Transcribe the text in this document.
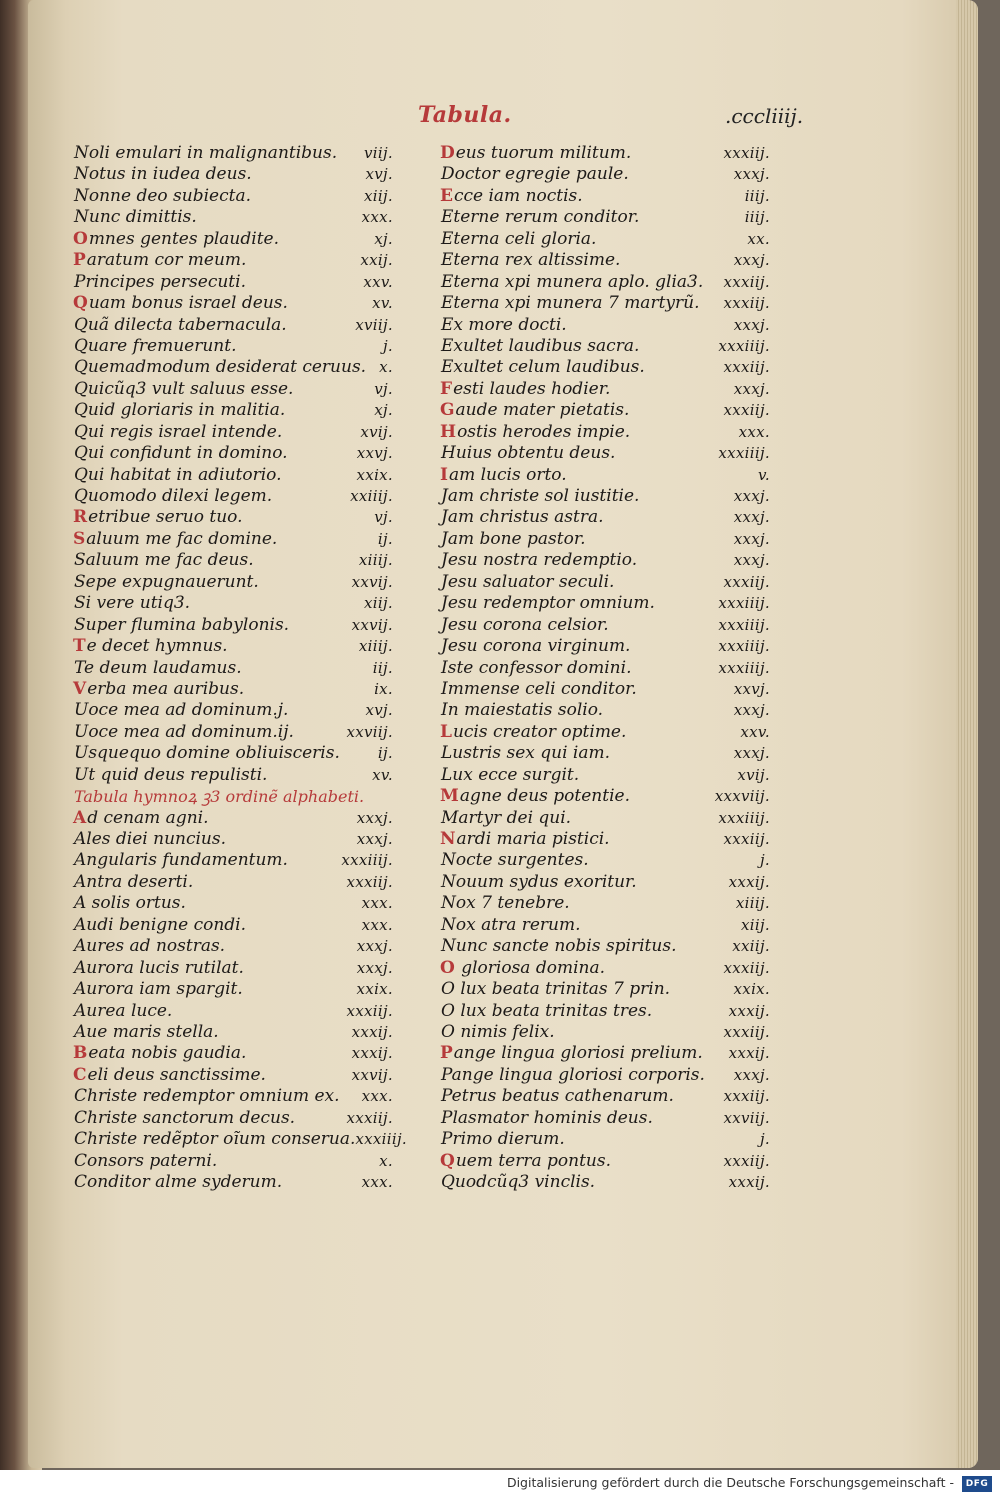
Tabula.	.cccliiij.
Noli emulari in malignantibus. viij.
Notus in iudea deus.	xvj.
Nonne deo subiecta.	xiij.
Nunc dimittis.	xxx.
Omnes gentes plaudite.	xj.
Paratum cor meum.	xxij.
Principes persecuti.	xxv.
Quam bonus israel deus.	xv.
Quã dilecta tabernacula.	xviij.
Quare fremuerunt.	j.
Quemadmodum desiderat ceruus. x.
Quicũq3 vult saluus esse.	vj.
Quid gloriaris in malitia.	xj.
Qui regis israel intende.	xvij.
Qui confidunt in domino.	xxvj.
Qui habitat in adiutorio.	xxix.
Quomodo dilexi legem.	xxiiij.
Retribue seruo tuo.	vj.
Saluum me fac domine.	ij.
Saluum me fac deus.	xiiij.
Sepe expugnauerunt.	xxvij.
Si vere utiq3.	xiij.
Super flumina babylonis.	xxvij.
Te decet hymnus.	xiiij.
Te deum laudamus.	iij.
Verba mea auribus.	ix.
Uoce mea ad dominum.j.	xvj.
Uoce mea ad dominum.ij.	xxviij.
Usquequo domine obliuisceris.	ij.
Ut quid deus repulisti.	xv.
Tabula hymnoꝝ ꝫ3 ordinẽ alphabeti.
Ad cenam agni.	xxxj.
Ales diei nuncius.	xxxj.
Angularis fundamentum.	xxxiiij.
Antra deserti.	xxxiij.
A solis ortus.	xxx.
Audi benigne condi.	xxx.
Aures ad nostras.	xxxj.
Aurora lucis rutilat.	xxxj.
Aurora iam spargit.	xxix.
Aurea luce.	xxxiij.
Aue maris stella.	xxxij.
Beata nobis gaudia.	xxxij.
Celi deus sanctissime.	xxvij.
Christe redemptor omnium ex. xxx.
Christe sanctorum decus.	xxxiij.
Christe redẽptor oĩum conserua. xxxiiij.
Consors paterni.	x.
Conditor alme syderum.	xxx.
Deus tuorum militum.	xxxiij.
Doctor egregie paule.	xxxj.
Ecce iam noctis.	iiij.
Eterne rerum conditor.	iiij.
Eterna celi gloria.	xx.
Eterna rex altissime.	xxxj.
Eterna xpi munera aplo. glia3. xxxiij.
Eterna xpi munera 7 martyrũ. xxxiij.
Ex more docti.	xxxj.
Exultet laudibus sacra.	xxxiiij.
Exultet celum laudibus.	xxxiij.
Festi laudes hodier.	xxxj.
Gaude mater pietatis.	xxxiij.
Hostis herodes impie.	xxx.
Huius obtentu deus.	xxxiiij.
Iam lucis orto.	v.
Jam christe sol iustitie.	xxxj.
Jam christus astra.	xxxj.
Jam bone pastor.	xxxj.
Jesu nostra redemptio.	xxxj.
Jesu saluator seculi.	xxxiij.
Jesu redemptor omnium.	xxxiiij.
Jesu corona celsior.	xxxiiij.
Jesu corona virginum.	xxxiiij.
Iste confessor domini.	xxxiiij.
Immense celi conditor.	xxvj.
In maiestatis solio.	xxxj.
Lucis creator optime.	xxv.
Lustris sex qui iam.	xxxj.
Lux ecce surgit.	xvij.
Magne deus potentie.	xxxviij.
Martyr dei qui.	xxxiiij.
Nardi maria pistici.	xxxiij.
Nocte surgentes.	j.
Nouum sydus exoritur.	xxxij.
Nox 7 tenebre.	xiiij.
Nox atra rerum.	xiij.
Nunc sancte nobis spiritus.	xxiij.
O gloriosa domina.	xxxiij.
O lux beata trinitas 7 prin.	xxix.
O lux beata trinitas tres.	xxxij.
O nimis felix.	xxxiij.
Pange lingua gloriosi prelium. xxxij.
Pange lingua gloriosi corporis. xxxj.
Petrus beatus cathenarum.	xxxiij.
Plasmator hominis deus.	xxviij.
Primo dierum.	j.
Quem terra pontus.	xxxiij.
Quodcũq3 vinclis.	xxxij.
Digitalisierung gefördert durch die Deutsche Forschungsgemeinschaft -	DFG
